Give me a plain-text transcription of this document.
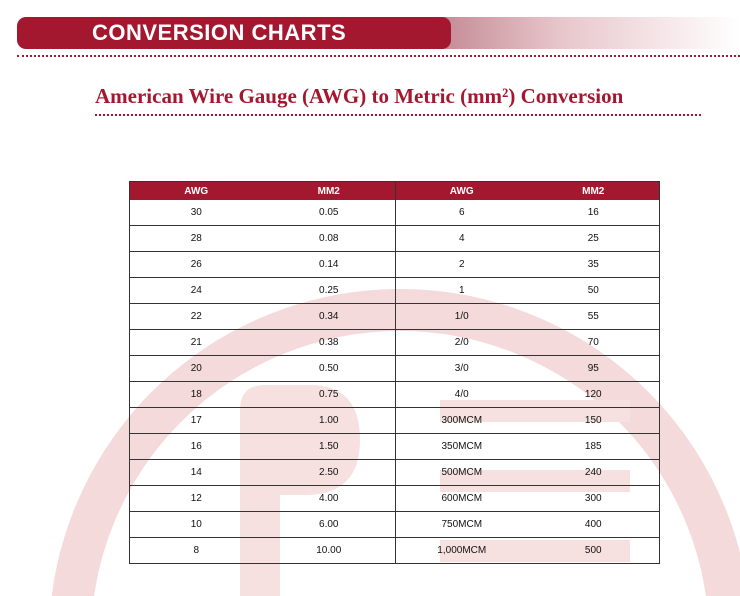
CONVERSION CHARTS
American Wire Gauge (AWG) to Metric (mm²) Conversion
AWG	MM2	AWG	MM2
30	0.05	6	16
28	0.08	4	25
26	0.14	2	35
24	0.25	1	50
22	0.34	1/0	55
21	0.38	2/0	70
20	0.50	3/0	95
18	0.75	4/0	120
17	1.00	300MCM	150
16	1.50	350MCM	185
14	2.50	500MCM	240
12	4.00	600MCM	300
10	6.00	750MCM	400
8	10.00	1,000MCM	500
